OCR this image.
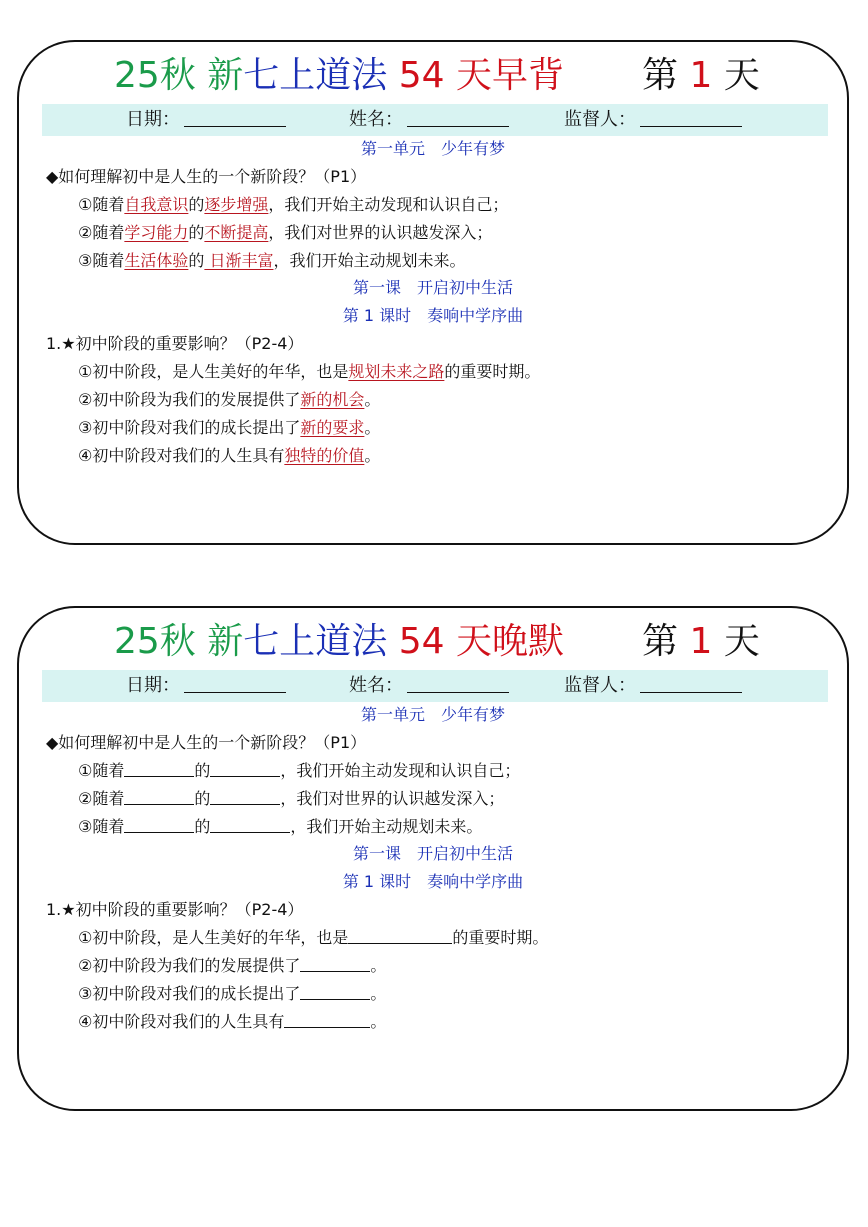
25秋 新七上道法 54 天早背 第 1 天
日期：	姓名：	监督人：
第一单元　少年有梦
◆如何理解初中是人生的一个新阶段？（P1）
①随着自我意识的逐步增强，我们开始主动发现和认识自己；
②随着学习能力的不断提高，我们对世界的认识越发深入；
③随着生活体验的 日渐丰富，我们开始主动规划未来。
第一课　开启初中生活
第 1 课时　奏响中学序曲
1.★初中阶段的重要影响？（P2-4）
①初中阶段，是人生美好的年华，也是规划未来之路的重要时期。
②初中阶段为我们的发展提供了新的机会。
③初中阶段对我们的成长提出了新的要求。
④初中阶段对我们的人生具有独特的价值。
25秋 新七上道法 54 天晚默 第 1 天
日期：	姓名：	监督人：
第一单元　少年有梦
◆如何理解初中是人生的一个新阶段？（P1）
①随着	的	，我们开始主动发现和认识自己；
②随着	的	，我们对世界的认识越发深入；
③随着	的	，我们开始主动规划未来。
第一课　开启初中生活
第 1 课时　奏响中学序曲
1.★初中阶段的重要影响？（P2-4）
①初中阶段，是人生美好的年华，也是	的重要时期。
②初中阶段为我们的发展提供了	。
③初中阶段对我们的成长提出了	。
④初中阶段对我们的人生具有	。
